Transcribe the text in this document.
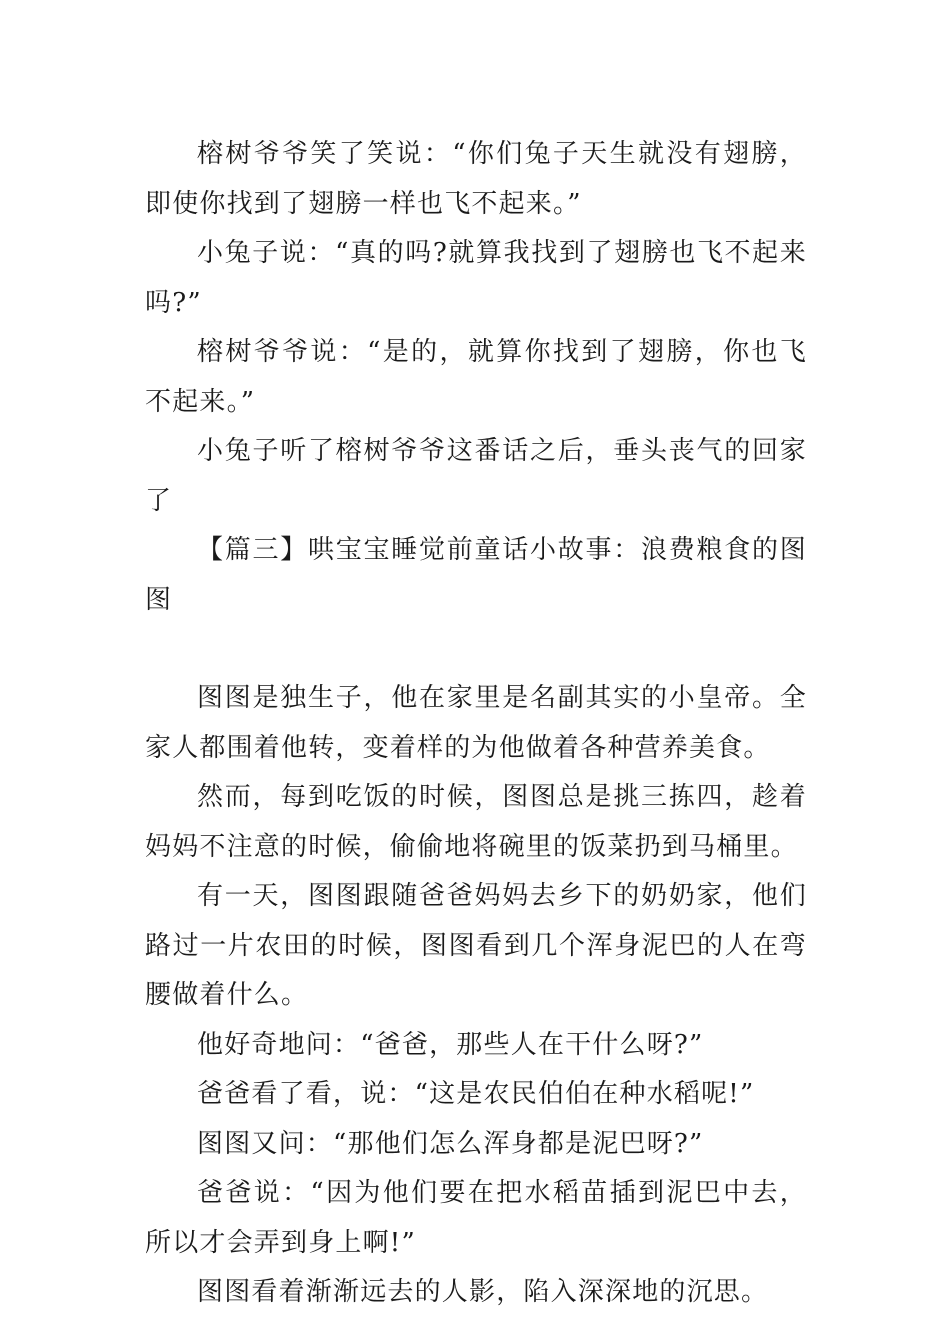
榕树爷爷笑了笑说：“你们兔子天生就没有翅膀，即使你找到了翅膀一样也飞不起来。”

小兔子说：“真的吗?就算我找到了翅膀也飞不起来吗?”

榕树爷爷说：“是的，就算你找到了翅膀，你也飞不起来。”

小兔子听了榕树爷爷这番话之后，垂头丧气的回家了

【篇三】哄宝宝睡觉前童话小故事：浪费粮食的图图

图图是独生子，他在家里是名副其实的小皇帝。全家人都围着他转，变着样的为他做着各种营养美食。

然而，每到吃饭的时候，图图总是挑三拣四，趁着妈妈不注意的时候，偷偷地将碗里的饭菜扔到马桶里。

有一天，图图跟随爸爸妈妈去乡下的奶奶家，他们路过一片农田的时候，图图看到几个浑身泥巴的人在弯腰做着什么。

他好奇地问：“爸爸，那些人在干什么呀?”

爸爸看了看，说：“这是农民伯伯在种水稻呢!”

图图又问：“那他们怎么浑身都是泥巴呀?”

爸爸说：“因为他们要在把水稻苗插到泥巴中去，所以才会弄到身上啊!”

图图看着渐渐远去的人影，陷入深深地的沉思。
